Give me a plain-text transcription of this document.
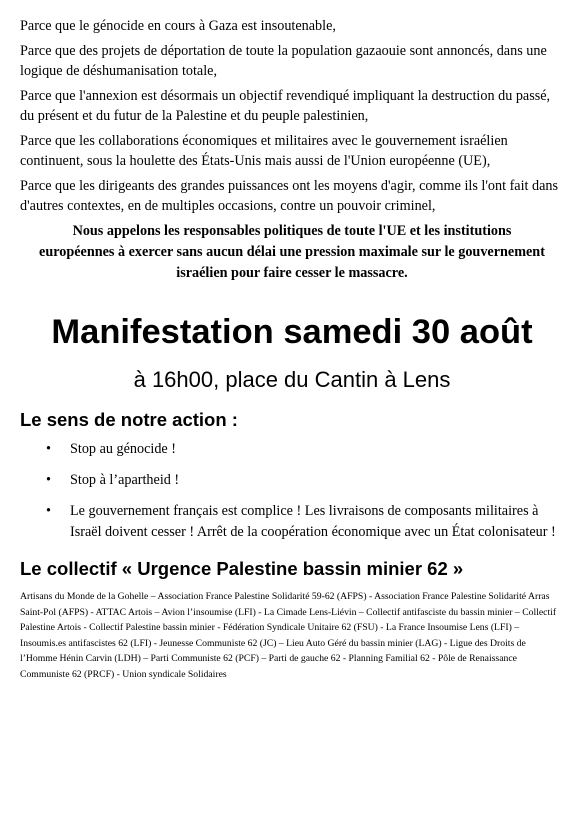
Parce que le génocide en cours à Gaza est insoutenable,

Parce que des projets de déportation de toute la population gazaouie sont annoncés, dans une logique de déshumanisation totale,

Parce que l'annexion est désormais un objectif revendiqué impliquant la destruction du passé, du présent et du futur de la Palestine et du peuple palestinien,

Parce que les collaborations économiques et militaires avec le gouvernement israélien continuent, sous la houlette des États-Unis mais aussi de l'Union européenne (UE),

Parce que les dirigeants des grandes puissances ont les moyens d'agir, comme ils l'ont fait dans d'autres contextes, en de multiples occasions, contre un pouvoir criminel,

Nous appelons les responsables politiques de toute l'UE et les institutions européennes à exercer sans aucun délai une pression maximale sur le gouvernement israélien pour faire cesser le massacre.

Manifestation samedi 30 août

à 16h00, place du Cantin à Lens

Le sens de notre action :
• Stop au génocide !
• Stop à l’apartheid !
• Le gouvernement français est complice ! Les livraisons de composants militaires à Israël doivent cesser ! Arrêt de la coopération économique avec un État colonisateur !
Le collectif « Urgence Palestine bassin minier 62 »

Artisans du Monde de la Gohelle – Association France Palestine Solidarité 59-62 (AFPS) - Association France Palestine Solidarité Arras Saint-Pol (AFPS) - ATTAC Artois – Avion l’insoumise (LFI) - La Cimade Lens-Liévin – Collectif antifasciste du bassin minier – Collectif Palestine Artois - Collectif Palestine bassin minier - Fédération Syndicale Unitaire 62 (FSU) - La France Insoumise Lens (LFI) – Insoumis.es antifascistes 62 (LFI) - Jeunesse Communiste 62 (JC) – Lieu Auto Géré du bassin minier (LAG) - Ligue des Droits de l’Homme Hénin Carvin (LDH) – Parti Communiste 62 (PCF) – Parti de gauche 62 - Planning Familial 62 - Pôle de Renaissance Communiste 62 (PRCF) - Union syndicale Solidaires
